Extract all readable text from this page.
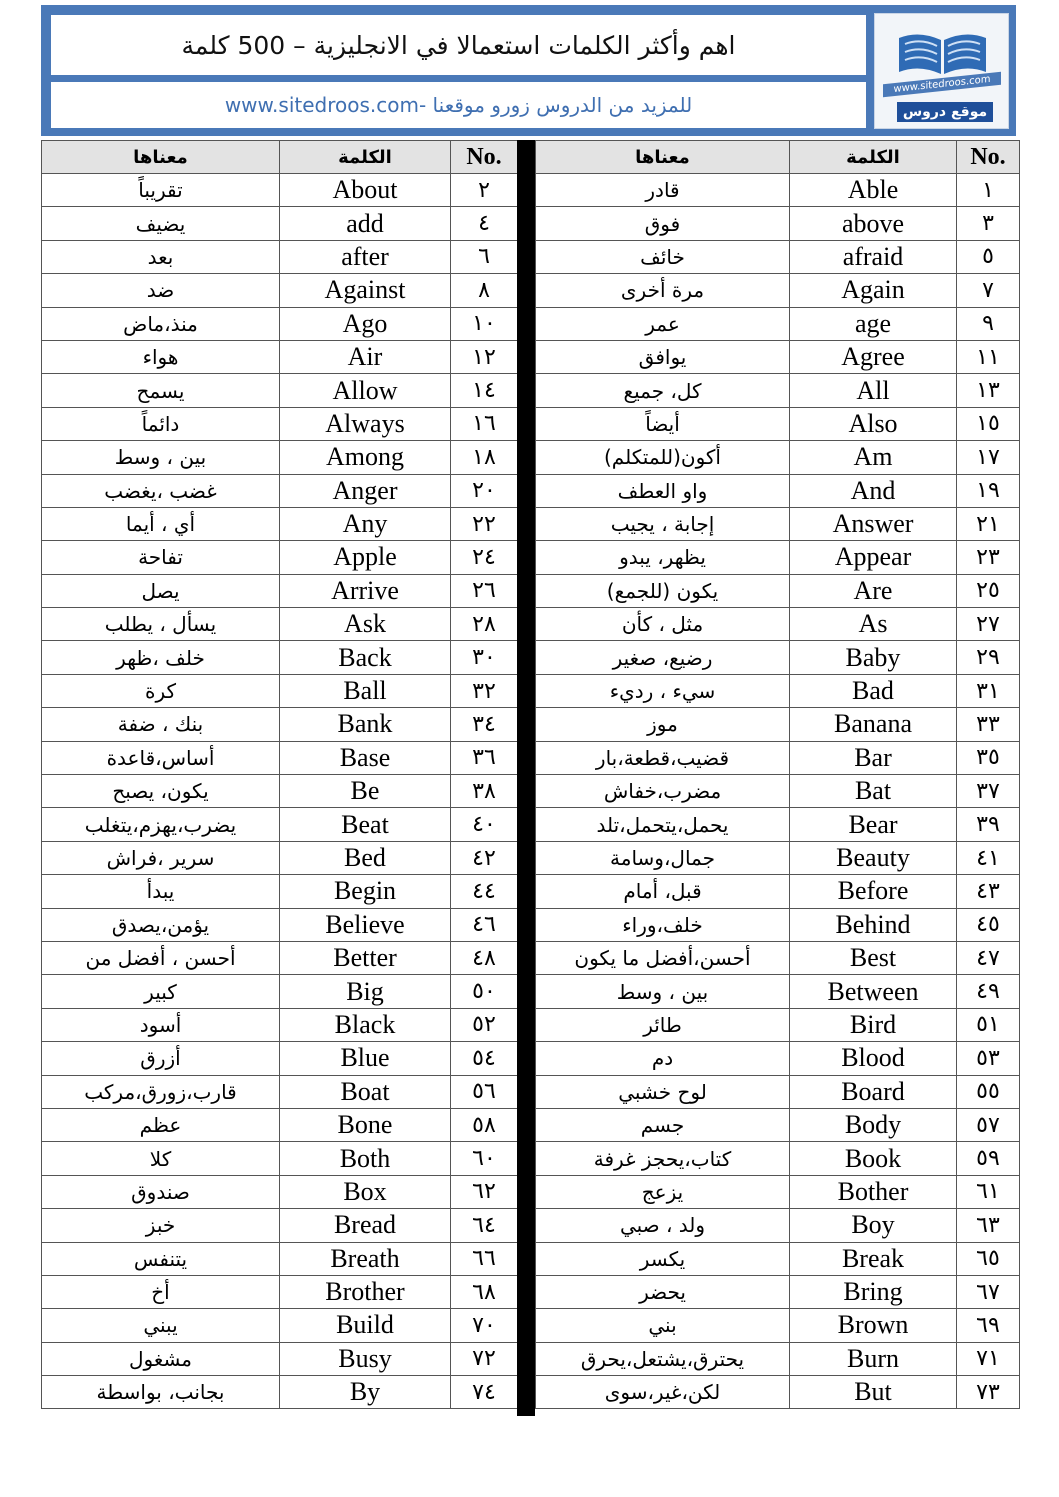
اهم وأكثر الكلمات استعمالا في الانجليزية – 500 كلمة
للمزيد من الدروس زورو موقعنا -www.sitedroos.com
www.sitedroos.com
موقع دروس
معناها	الكلمة	No.
تقريباً	About	٢
يضيف	add	٤
بعد	after	٦
ضد	Against	٨
منذ،ماض	Ago	١٠
هواء	Air	١٢
يسمح	Allow	١٤
دائماً	Always	١٦
بين ، وسط	Among	١٨
غضب ،يغضب	Anger	٢٠
أي ، أيما	Any	٢٢
تفاحة	Apple	٢٤
يصل	Arrive	٢٦
يسأل ، يطلب	Ask	٢٨
خلف ،ظهر	Back	٣٠
كرة	Ball	٣٢
بنك ، ضفة	Bank	٣٤
أساس،قاعدة	Base	٣٦
يكون، يصبح	Be	٣٨
يضرب،يهزم،يتغلب	Beat	٤٠
سرير ،فراش	Bed	٤٢
يبدأ	Begin	٤٤
يؤمن،يصدق	Believe	٤٦
أحسن ، أفضل من	Better	٤٨
كبير	Big	٥٠
أسود	Black	٥٢
أزرق	Blue	٥٤
قارب،زورق،مركب	Boat	٥٦
عظم	Bone	٥٨
كلا	Both	٦٠
صندوق	Box	٦٢
خبز	Bread	٦٤
يتنفس	Breath	٦٦
أخ	Brother	٦٨
يبني	Build	٧٠
مشغول	Busy	٧٢
بجانب، بواسطة	By	٧٤
معناها	الكلمة	No.
قادر	Able	١
فوق	above	٣
خائف	afraid	٥
مرة أخرى	Again	٧
عمر	age	٩
يوافق	Agree	١١
كل، جميع	All	١٣
أيضاً	Also	١٥
أكون(للمتكلم)	Am	١٧
واو العطف	And	١٩
إجابة ، يجيب	Answer	٢١
يظهر، يبدو	Appear	٢٣
يكون (للجمع)	Are	٢٥
مثل ، كأن	As	٢٧
رضيع، صغير	Baby	٢٩
سيء ، رديء	Bad	٣١
موز	Banana	٣٣
قضيب،قطعة،بار	Bar	٣٥
مضرب،خفاش	Bat	٣٧
يحمل،يتحمل،تلد	Bear	٣٩
جمال،وسامة	Beauty	٤١
قبل، أمام	Before	٤٣
خلف،وراء	Behind	٤٥
أحسن،أفضل ما يكون	Best	٤٧
بين ، وسط	Between	٤٩
طائر	Bird	٥١
دم	Blood	٥٣
لوح خشبي	Board	٥٥
جسم	Body	٥٧
كتاب،يحجز غرفة	Book	٥٩
يزعج	Bother	٦١
ولد ، صبي	Boy	٦٣
يكسر	Break	٦٥
يحضر	Bring	٦٧
بني	Brown	٦٩
يحترق،يشتعل،يحرق	Burn	٧١
لكن،غير،سوى	But	٧٣
